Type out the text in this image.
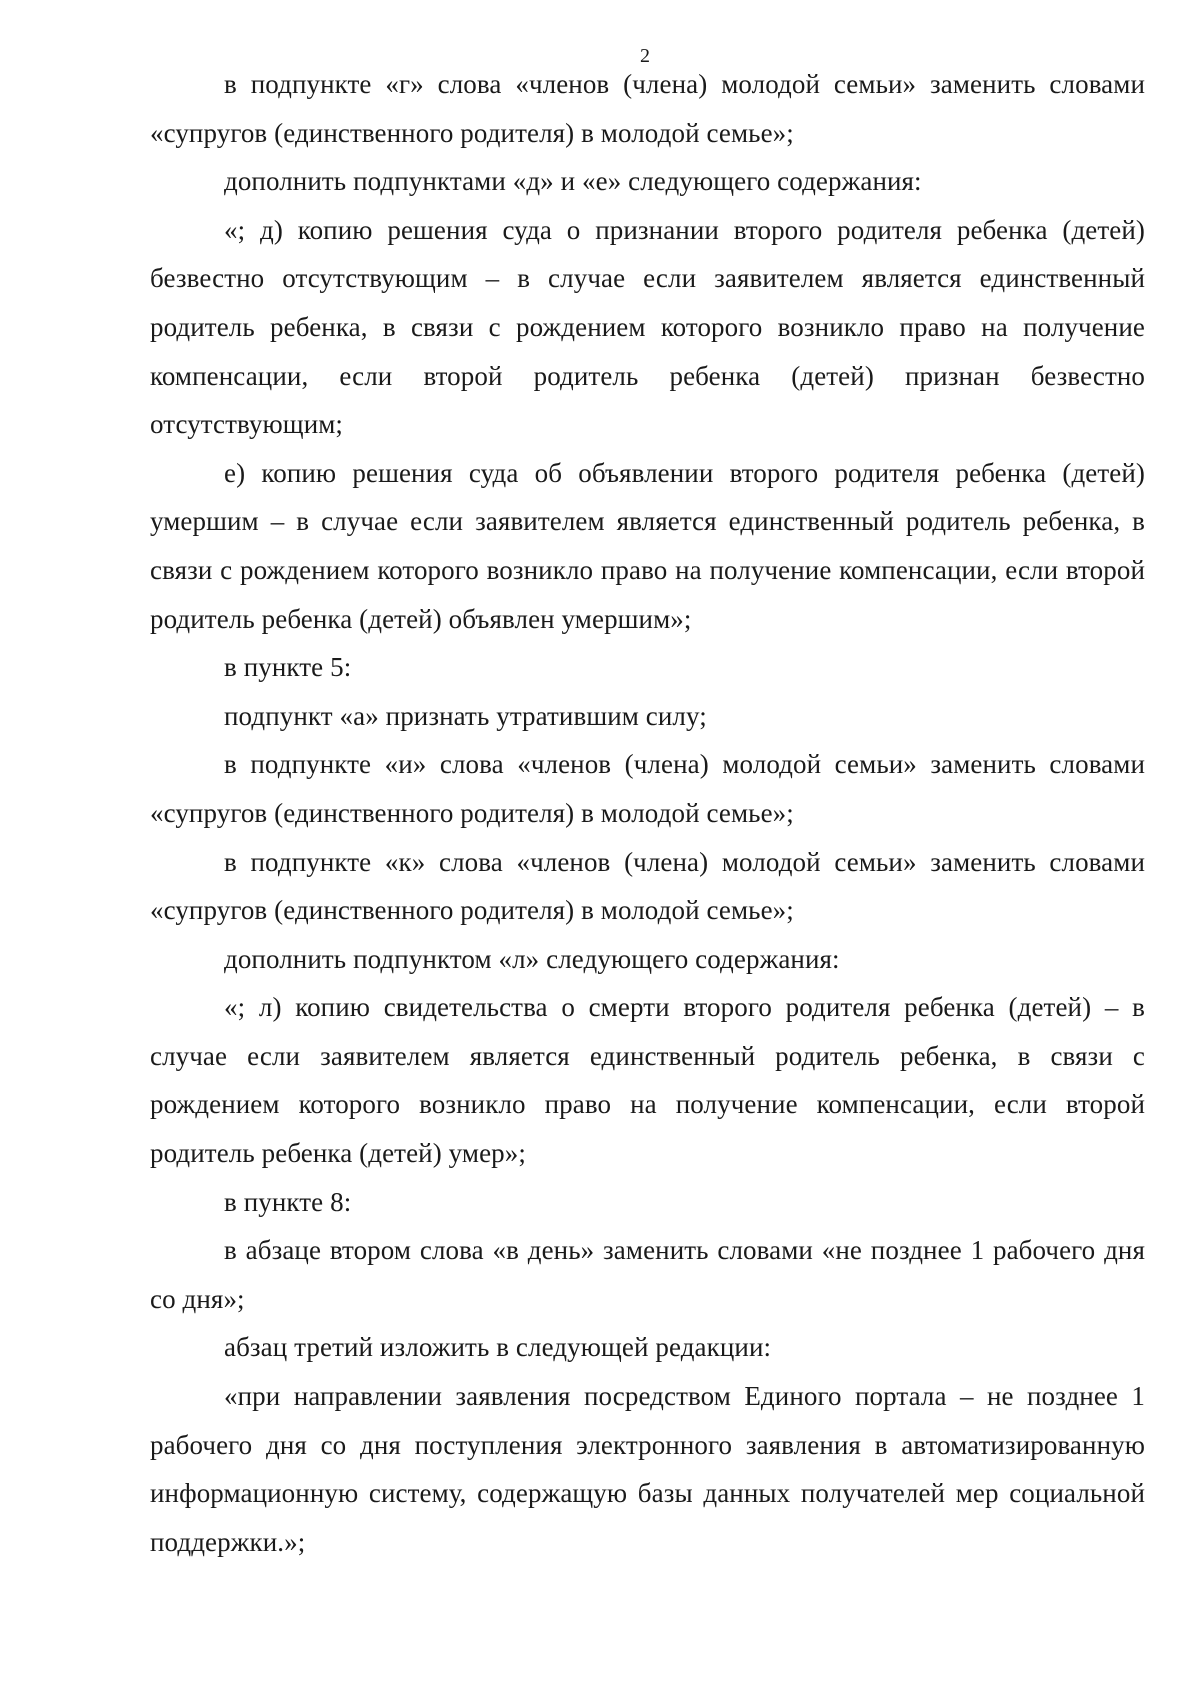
2

в подпункте «г» слова «членов (члена) молодой семьи» заменить словами «супругов (единственного родителя) в молодой семье»;

дополнить подпунктами «д» и «е» следующего содержания:

«; д) копию решения суда о признании второго родителя ребенка (детей) безвестно отсутствующим – в случае если заявителем является единственный родитель ребенка, в связи с рождением которого возникло право на получение компенсации, если второй родитель ребенка (детей) признан безвестно отсутствующим;

е) копию решения суда об объявлении второго родителя ребенка (детей) умершим – в случае если заявителем является единственный родитель ребенка, в связи с рождением которого возникло право на получение компенсации, если второй родитель ребенка (детей) объявлен умершим»;

в пункте 5:

подпункт «а» признать утратившим силу;

в подпункте «и» слова «членов (члена) молодой семьи» заменить словами «супругов (единственного родителя) в молодой семье»;

в подпункте «к» слова «членов (члена) молодой семьи» заменить словами «супругов (единственного родителя) в молодой семье»;

дополнить подпунктом «л» следующего содержания:

«; л) копию свидетельства о смерти второго родителя ребенка (детей) – в случае если заявителем является единственный родитель ребенка, в связи с рождением которого возникло право на получение компенсации, если второй родитель ребенка (детей) умер»;

в пункте 8:

в абзаце втором слова «в день» заменить словами «не позднее 1 рабочего дня со дня»;

абзац третий изложить в следующей редакции:

«при направлении заявления посредством Единого портала – не позднее 1 рабочего дня со дня поступления электронного заявления в автоматизированную информационную систему, содержащую базы данных получателей мер социальной поддержки.»;
